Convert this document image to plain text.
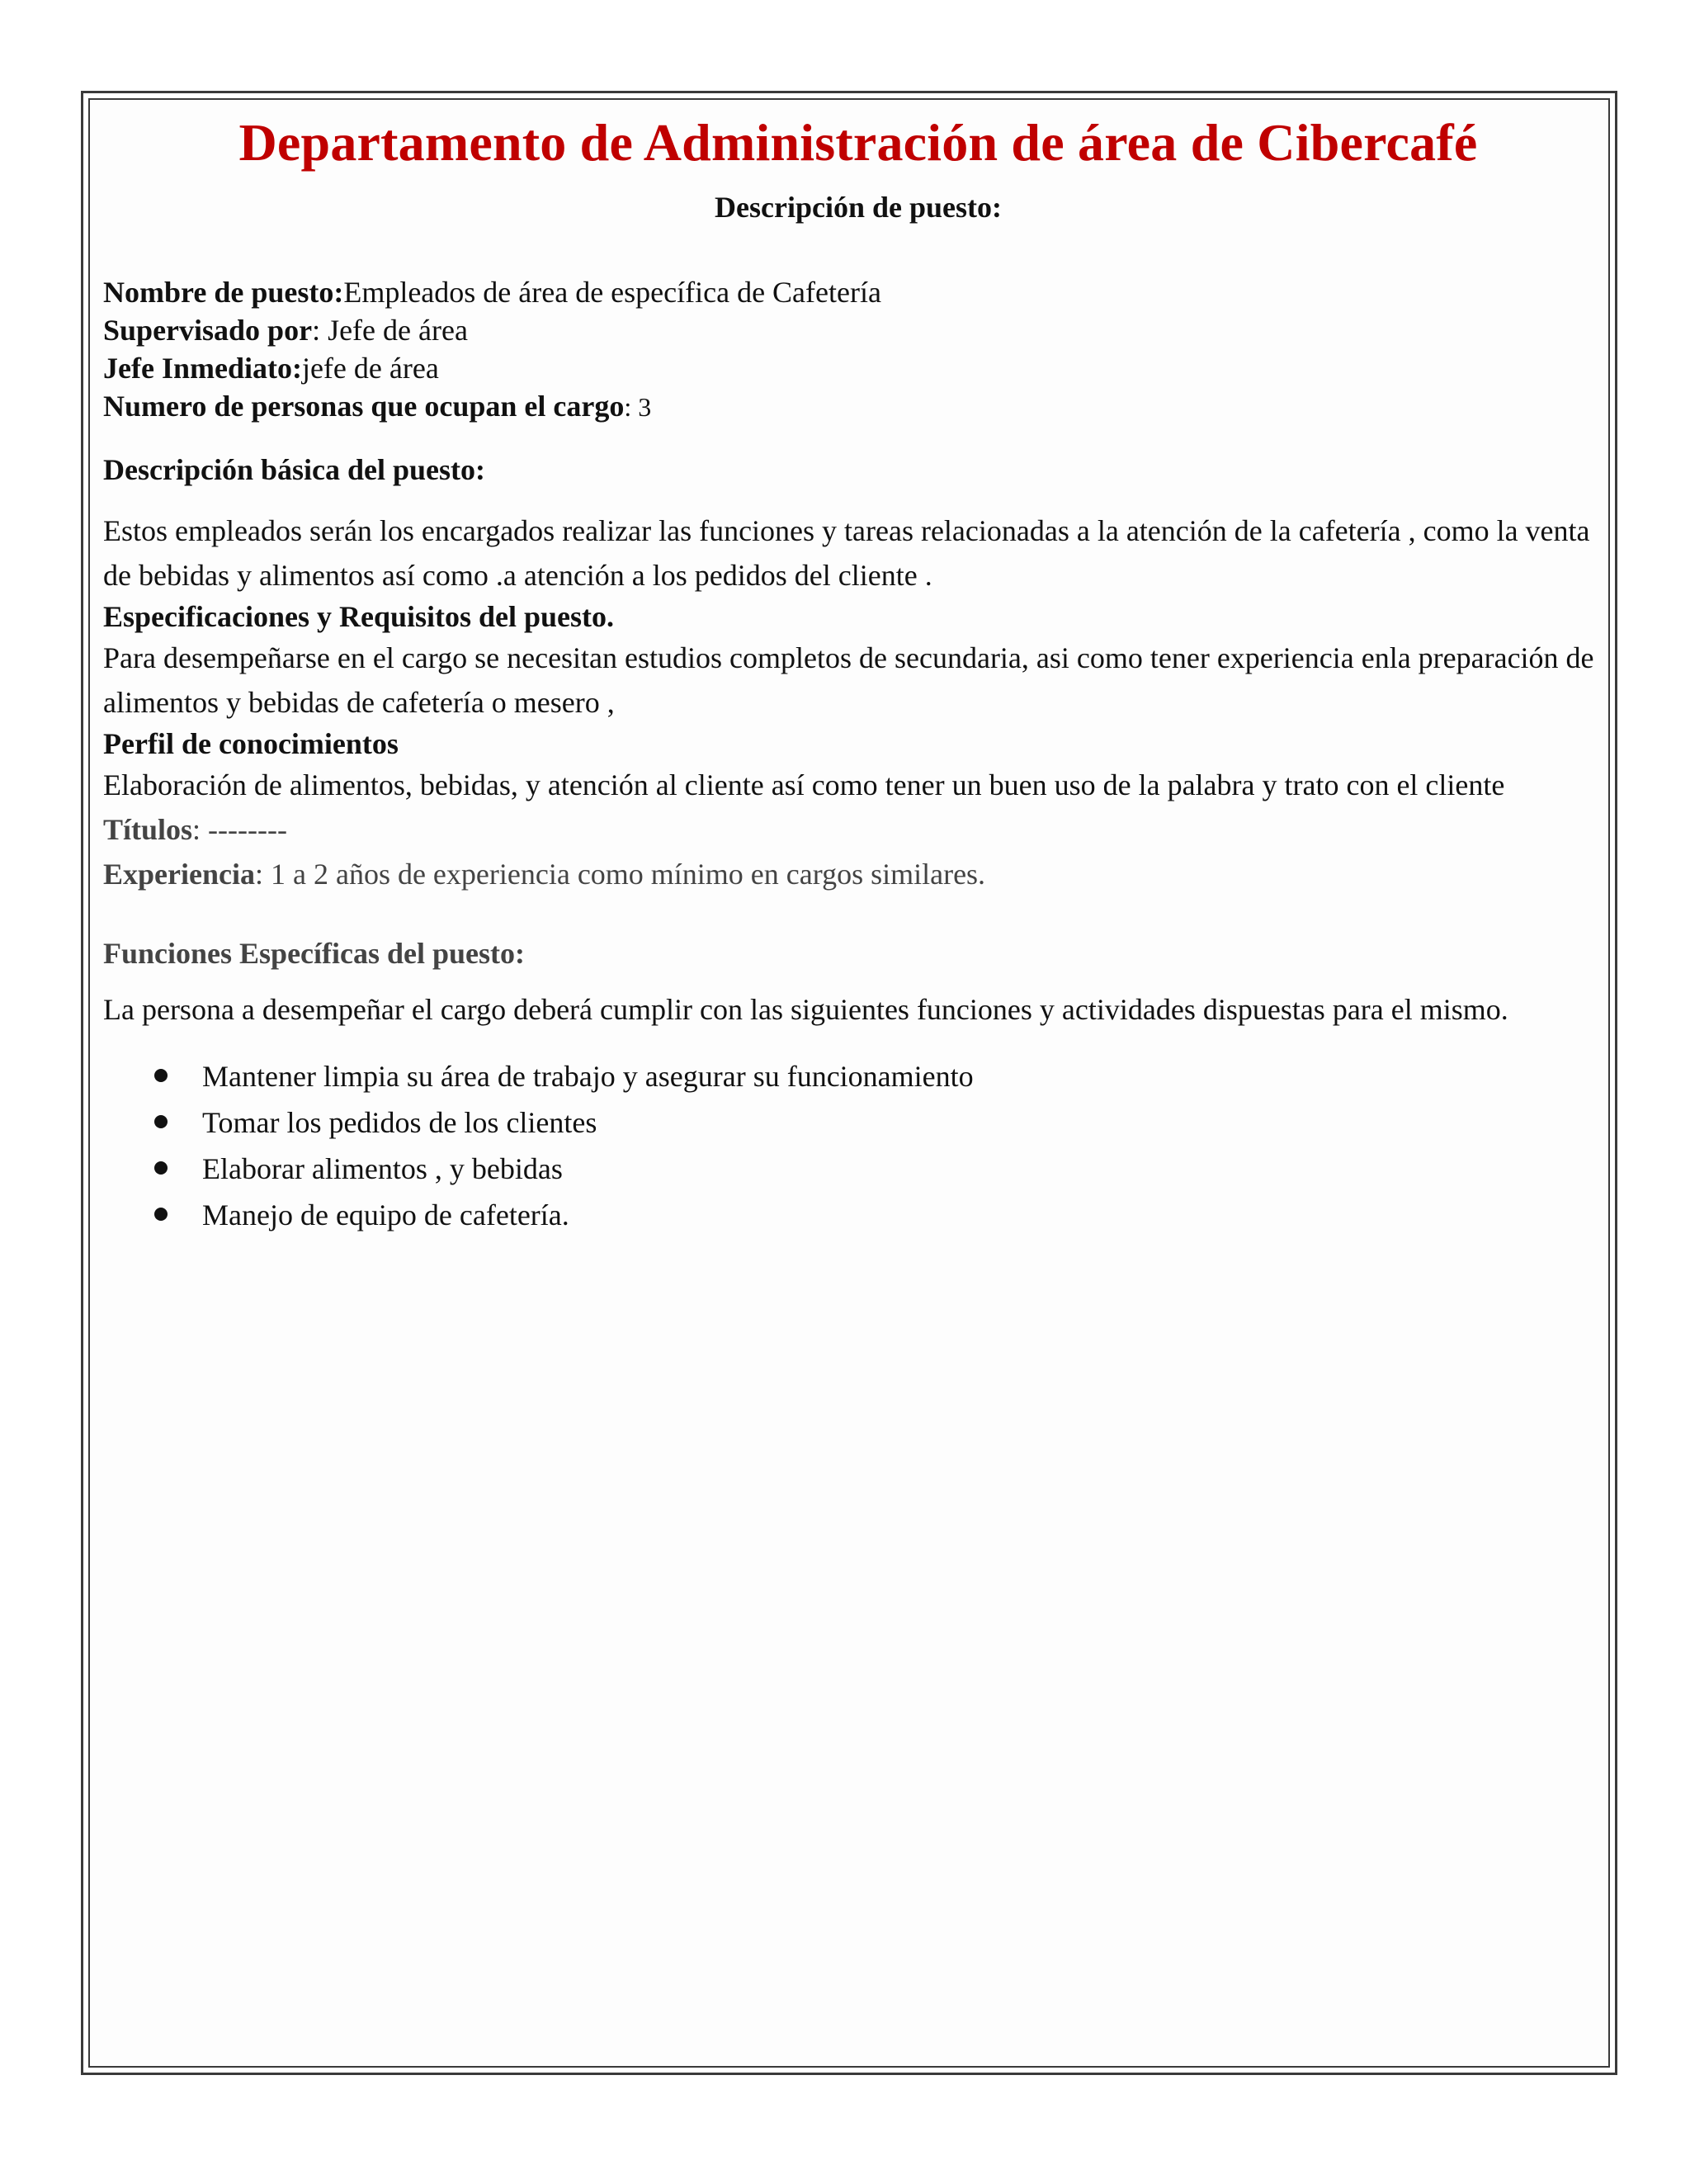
Departamento de Administración de área de Cibercafé
Descripción de puesto:
Nombre de puesto:Empleados de área de específica de Cafetería
Supervisado por: Jefe de área
Jefe Inmediato:jefe de área
Numero de personas que ocupan el cargo: 3
Descripción básica del puesto:
Estos empleados serán los encargados realizar las funciones y tareas relacionadas a la atención de la cafetería , como la venta de bebidas y alimentos así como .a atención a los pedidos del cliente .
Especificaciones y Requisitos del puesto.
Para desempeñarse en el cargo se necesitan estudios completos de secundaria, asi como tener experiencia enla preparación de alimentos y bebidas de cafetería o mesero ,
Perfil de conocimientos
Elaboración de alimentos, bebidas, y atención al cliente así como tener un buen uso de la palabra y trato con el cliente
Títulos: --------
Experiencia: 1 a 2 años de experiencia como mínimo en cargos similares.
Funciones Específicas del puesto:
La persona a desempeñar el cargo deberá cumplir con las siguientes funciones y actividades dispuestas para el mismo.
Mantener limpia su área de trabajo y asegurar su funcionamiento
Tomar los pedidos de los clientes
Elaborar alimentos , y bebidas
Manejo de equipo de cafetería.
